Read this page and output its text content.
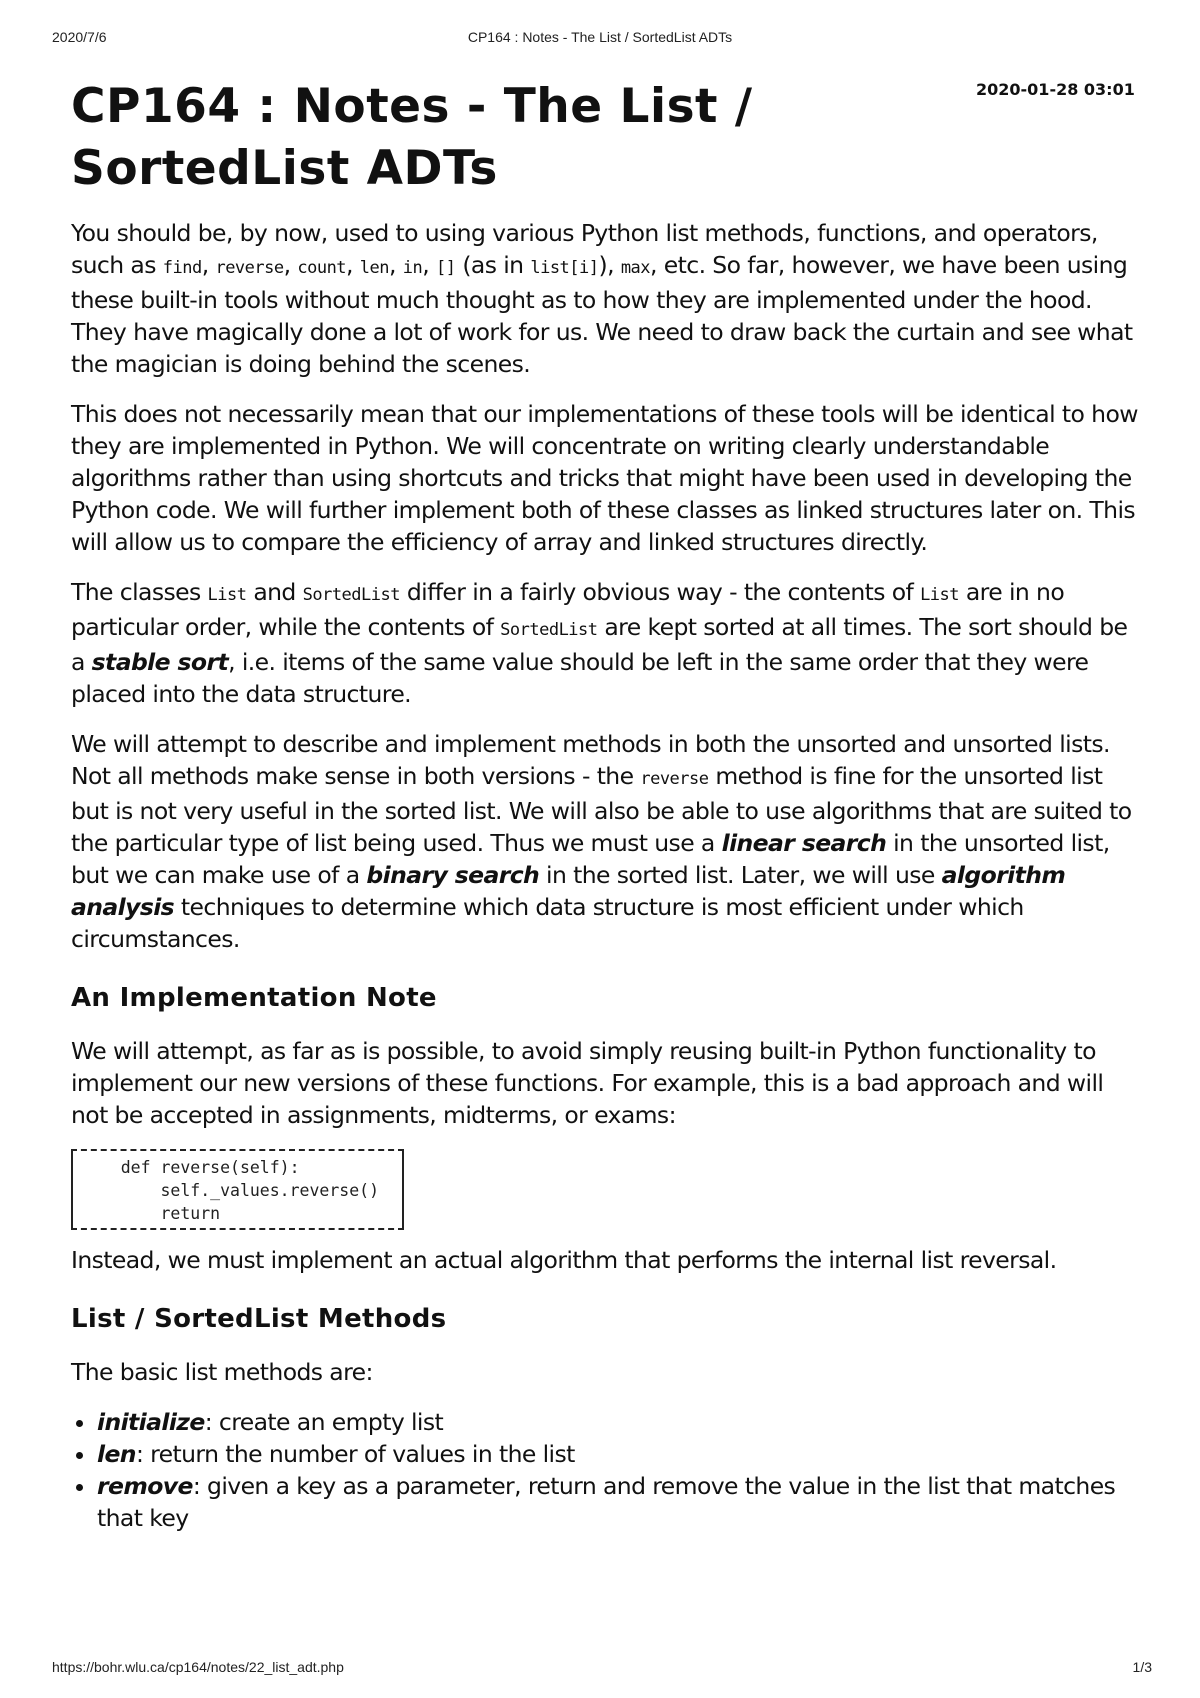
2020/7/6	CP164 : Notes - The List / SortedList ADTs
CP164 : Notes - The List / SortedList ADTs
2020-01-28 03:01

You should be, by now, used to using various Python list methods, functions, and operators, such as find, reverse, count, len, in, [] (as in list[i]), max, etc. So far, however, we have been using these built-in tools without much thought as to how they are implemented under the hood. They have magically done a lot of work for us. We need to draw back the curtain and see what the magician is doing behind the scenes.

This does not necessarily mean that our implementations of these tools will be identical to how they are implemented in Python. We will concentrate on writing clearly understandable algorithms rather than using shortcuts and tricks that might have been used in developing the Python code. We will further implement both of these classes as linked structures later on. This will allow us to compare the efficiency of array and linked structures directly.

The classes List and SortedList differ in a fairly obvious way - the contents of List are in no particular order, while the contents of SortedList are kept sorted at all times. The sort should be a stable sort, i.e. items of the same value should be left in the same order that they were placed into the data structure.

We will attempt to describe and implement methods in both the unsorted and unsorted lists. Not all methods make sense in both versions - the reverse method is fine for the unsorted list but is not very useful in the sorted list. We will also be able to use algorithms that are suited to the particular type of list being used. Thus we must use a linear search in the unsorted list, but we can make use of a binary search in the sorted list. Later, we will use algorithm analysis techniques to determine which data structure is most efficient under which circumstances.

An Implementation Note

We will attempt, as far as is possible, to avoid simply reusing built-in Python functionality to implement our new versions of these functions. For example, this is a bad approach and will not be accepted in assignments, midterms, or exams:

def reverse(self):
self._values.reverse()
return

Instead, we must implement an actual algorithm that performs the internal list reversal.

List / SortedList Methods

The basic list methods are:

• initialize: create an empty list
• len: return the number of values in the list
• remove: given a key as a parameter, return and remove the value in the list that matches that key
https://bohr.wlu.ca/cp164/notes/22_list_adt.php	1/3
